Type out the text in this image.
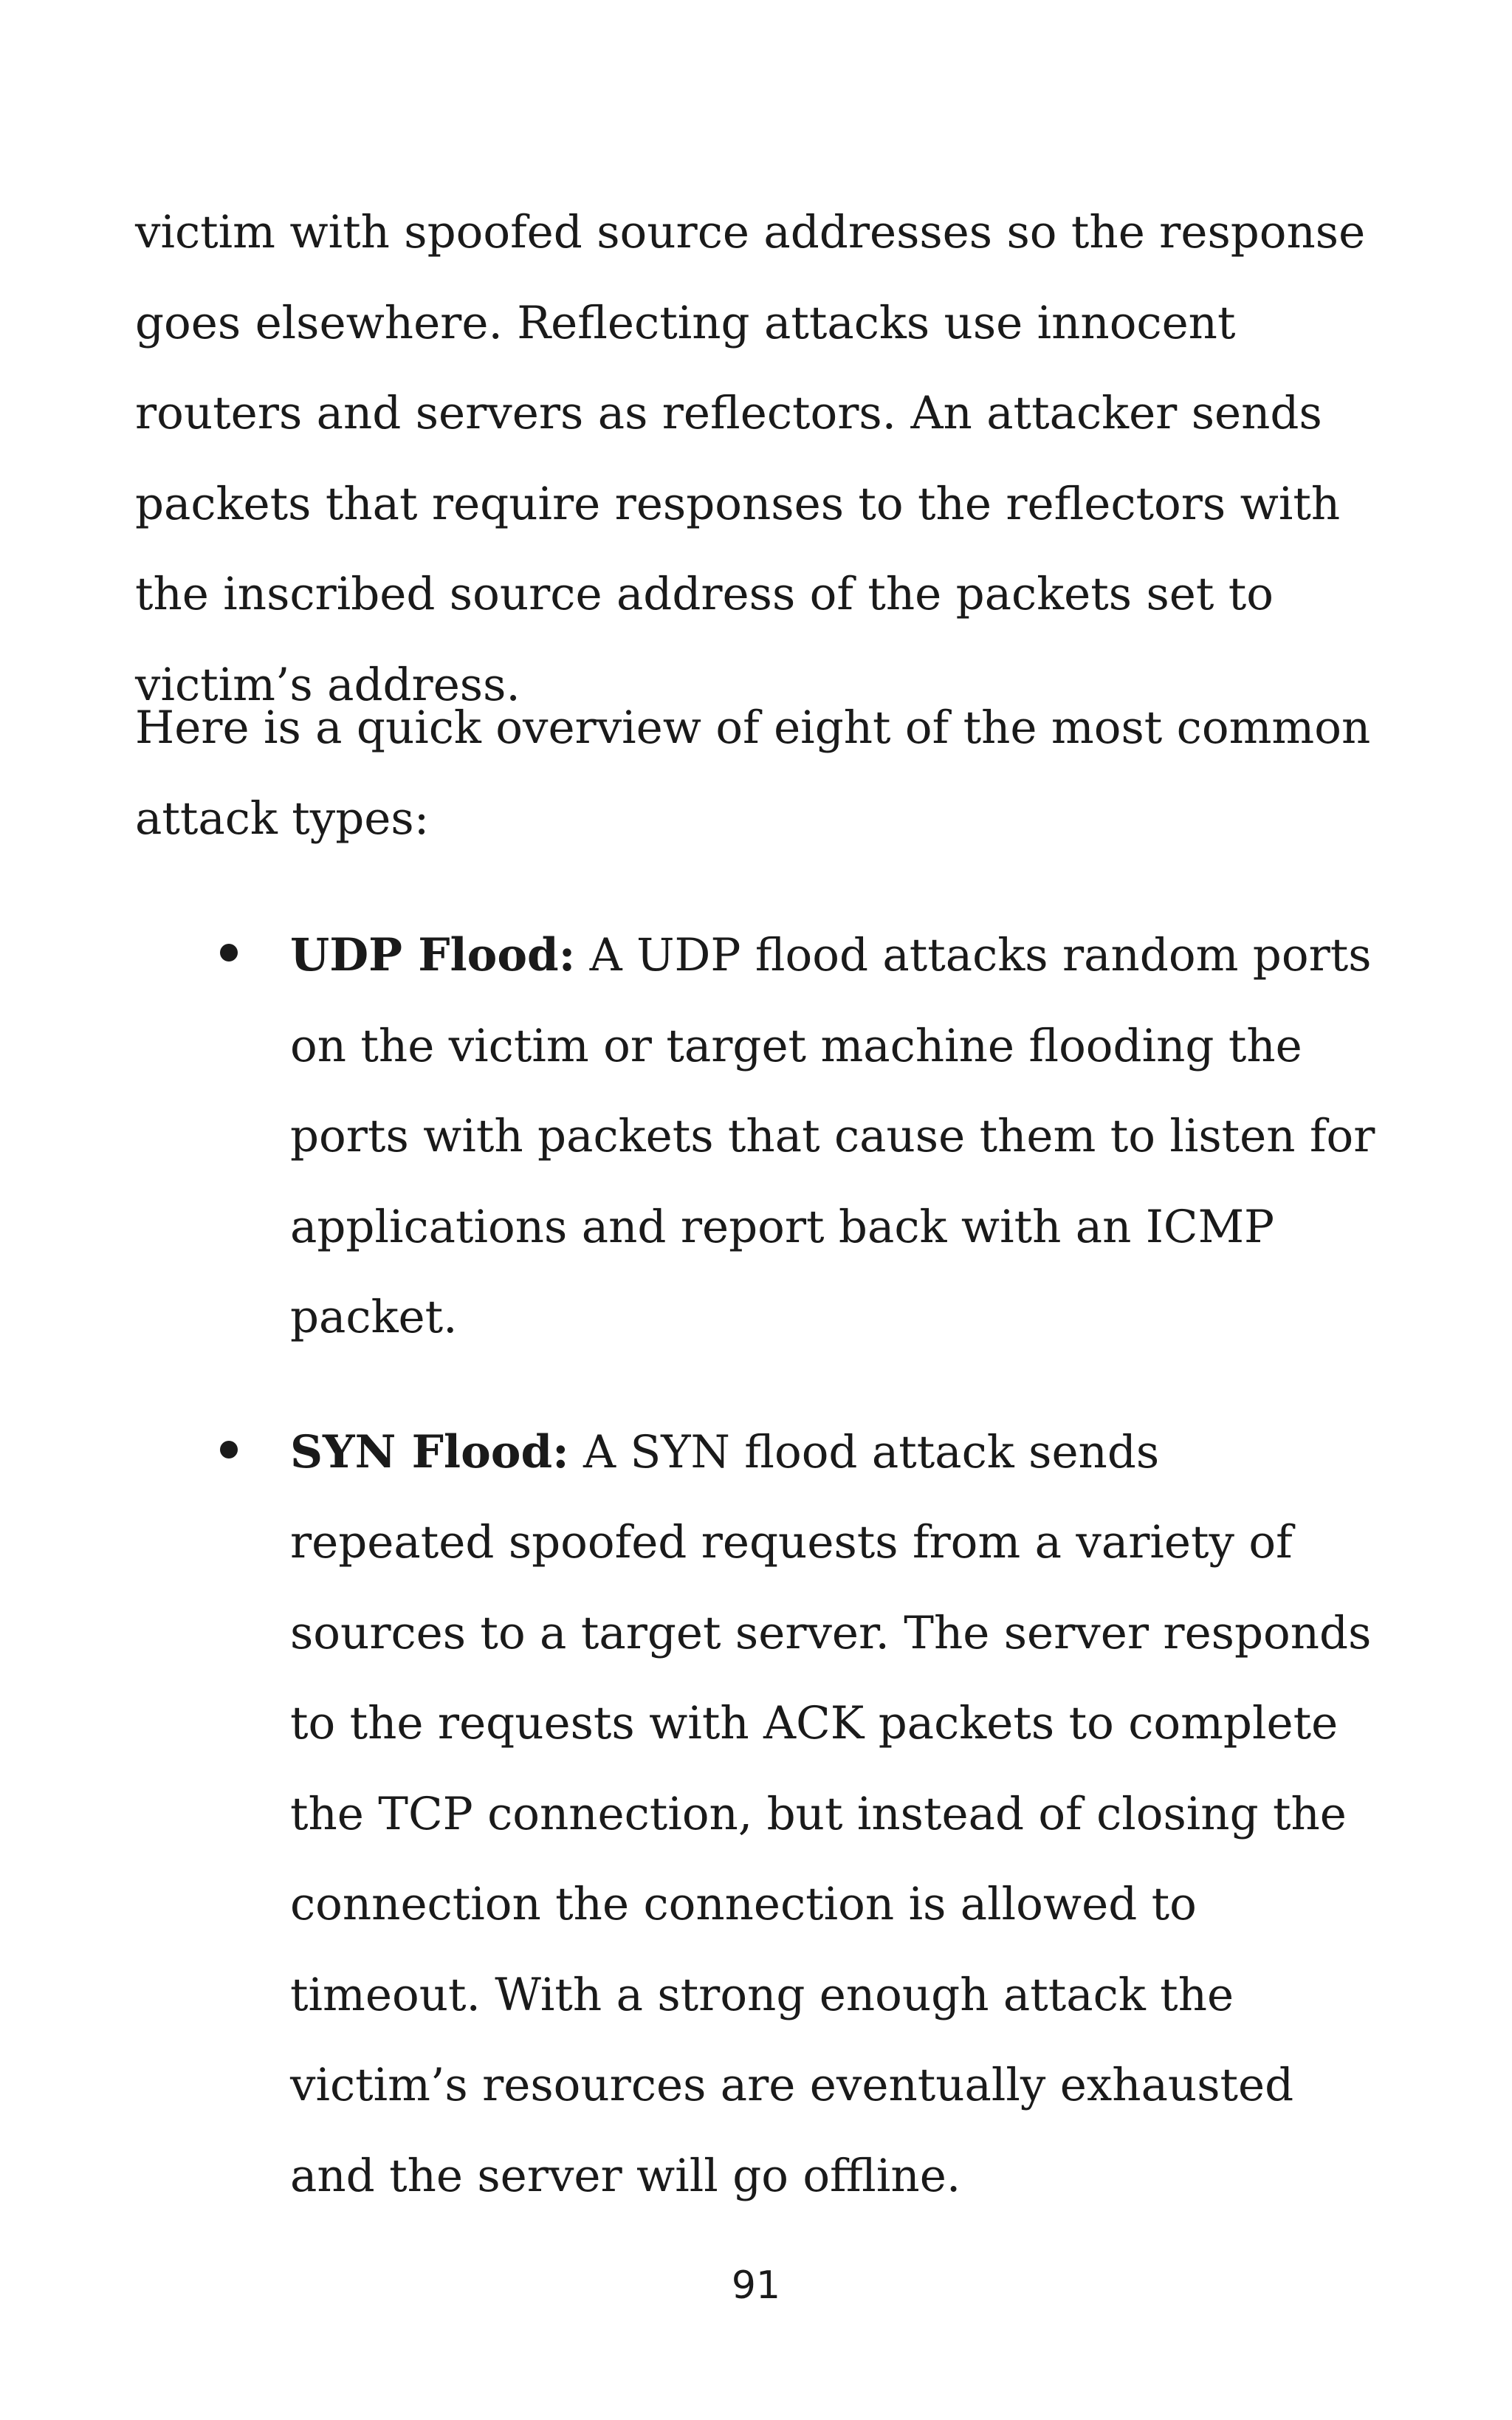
victim with spoofed source addresses so the response goes elsewhere. Reflecting attacks use innocent routers and servers as reflectors. An attacker sends packets that require responses to the reflectors with the inscribed source address of the packets set to victim’s address.

Here is a quick overview of eight of the most common attack types:

UDP Flood: A UDP flood attacks random ports on the victim or target machine flooding the ports with packets that cause them to listen for applications and report back with an ICMP packet.
SYN Flood: A SYN flood attack sends repeated spoofed requests from a variety of sources to a target server. The server responds to the requests with ACK packets to complete the TCP connection, but instead of closing the connection the connection is allowed to timeout. With a strong enough attack the victim’s resources are eventually exhausted and the server will go offline.
91
